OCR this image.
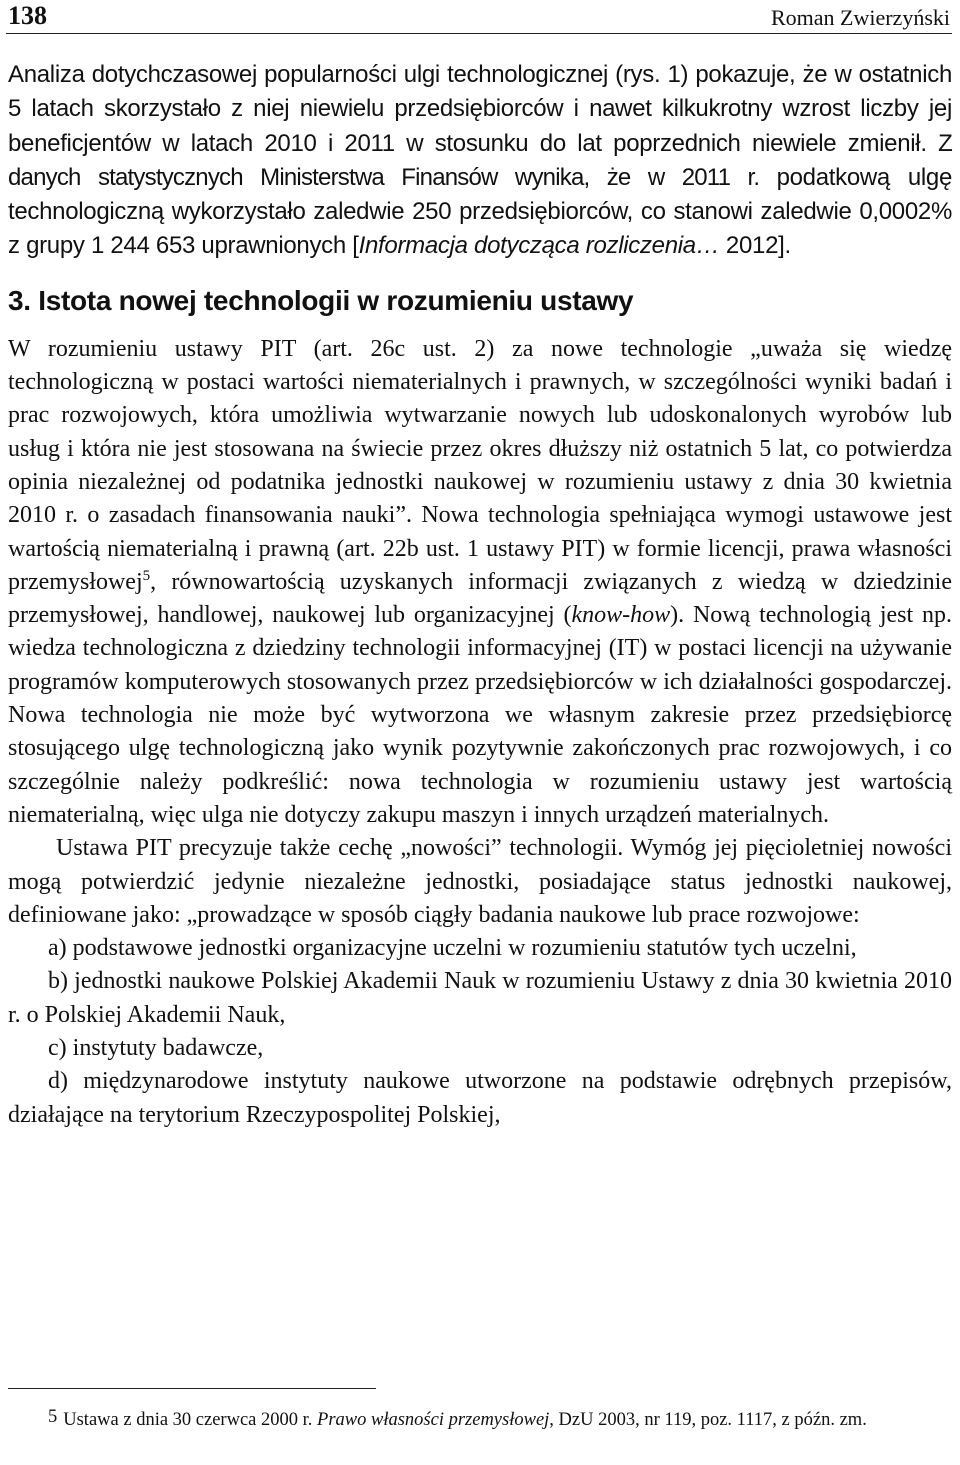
138	Roman Zwierzyński

Analiza dotychczasowej popularności ulgi technologicznej (rys. 1) pokazuje, że w ostatnich 5 latach skorzystało z niej niewielu przedsiębiorców i nawet kilkukrotny wzrost liczby jej beneficjentów w latach 2010 i 2011 w stosunku do lat poprzednich niewiele zmienił. Z danych statystycznych Ministerstwa Finansów wynika, że w 2011 r. podatkową ulgę technologiczną wykorzystało zaledwie 250 przedsiębiorców, co stanowi zaledwie 0,0002% z grupy 1 244 653 uprawnionych [Informacja dotycząca rozliczenia… 2012].

3. Istota nowej technologii w rozumieniu ustawy

W rozumieniu ustawy PIT (art. 26c ust. 2) za nowe technologie „uważa się wiedzę technologiczną w postaci wartości niematerialnych i prawnych, w szczególności wyniki badań i prac rozwojowych, która umożliwia wytwarzanie nowych lub udoskonalonych wyrobów lub usług i która nie jest stosowana na świecie przez okres dłuższy niż ostatnich 5 lat, co potwierdza opinia niezależnej od podatnika jednostki naukowej w rozumieniu ustawy z dnia 30 kwietnia 2010 r. o zasadach finansowania nauki”. Nowa technologia spełniająca wymogi ustawowe jest wartością niematerialną i prawną (art. 22b ust. 1 ustawy PIT) w formie licencji, prawa własności przemysłowej$^5$, równowartością uzyskanych informacji związanych z wiedzą w dziedzinie przemysłowej, handlowej, naukowej lub organizacyjnej (know-how). Nową technologią jest np. wiedza technologiczna z dziedziny technologii informacyjnej (IT) w postaci licencji na używanie programów komputerowych stosowanych przez przedsiębiorców w ich działalności gospodarczej. Nowa technologia nie może być wytworzona we własnym zakresie przez przedsiębiorcę stosującego ulgę technologiczną jako wynik pozytywnie zakończonych prac rozwojowych, i co szczególnie należy podkreślić: nowa technologia w rozumieniu ustawy jest wartością niematerialną, więc ulga nie dotyczy zakupu maszyn i innych urządzeń materialnych.

Ustawa PIT precyzuje także cechę „nowości” technologii. Wymóg jej pięcioletniej nowości mogą potwierdzić jedynie niezależne jednostki, posiadające status jednostki naukowej, definiowane jako: „prowadzące w sposób ciągły badania naukowe lub prace rozwojowe:

a) podstawowe jednostki organizacyjne uczelni w rozumieniu statutów tych uczelni,

b) jednostki naukowe Polskiej Akademii Nauk w rozumieniu Ustawy z dnia 30 kwietnia 2010 r. o Polskiej Akademii Nauk,

c) instytuty badawcze,

d) międzynarodowe instytuty naukowe utworzone na podstawie odrębnych przepisów, działające na terytorium Rzeczypospolitej Polskiej,

5 Ustawa z dnia 30 czerwca 2000 r. Prawo własności przemysłowej, DzU 2003, nr 119, poz. 1117, z późn. zm.
